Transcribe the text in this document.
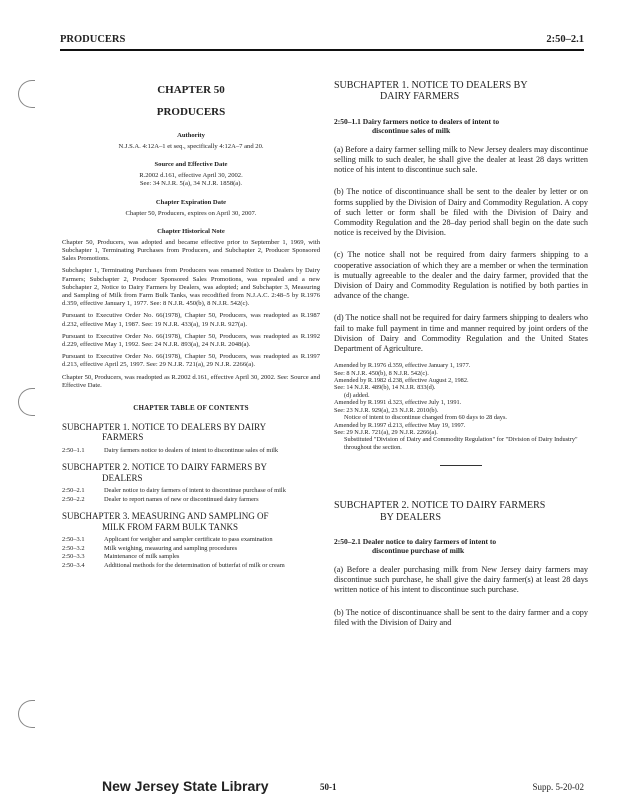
PRODUCERS	2:50–2.1
CHAPTER 50
PRODUCERS
Authority
N.J.S.A. 4:12A–1 et seq., specifically 4:12A–7 and 20.
Source and Effective Date
R.2002 d.161, effective April 30, 2002.
See: 34 N.J.R. 5(a), 34 N.J.R. 1858(a).
Chapter Expiration Date
Chapter 50, Producers, expires on April 30, 2007.
Chapter Historical Note

Chapter 50, Producers, was adopted and became effective prior to September 1, 1969, with Subchapter 1, Terminating Purchases from Producers, and Subchapter 2, Producer Sponsored Sales Promotions.

Subchapter 1, Terminating Purchases from Producers was renamed Notice to Dealers by Dairy Farmers; Subchapter 2, Producer Sponsored Sales Promotions, was repealed and a new Subchapter 2, Notice to Dairy Farmers by Dealers, was adopted; and Subchapter 3, Measuring and Sampling of Milk from Farm Bulk Tanks, was recodified from N.J.A.C. 2:48–5 by R.1976 d.359, effective January 1, 1977. See: 8 N.J.R. 450(b), 8 N.J.R. 542(c).

Pursuant to Executive Order No. 66(1978), Chapter 50, Producers, was readopted as R.1987 d.232, effective May 1, 1987. See: 19 N.J.R. 433(a), 19 N.J.R. 927(a).

Pursuant to Executive Order No. 66(1978), Chapter 50, Producers, was readopted as R.1992 d.229, effective May 1, 1992. See: 24 N.J.R. 893(a), 24 N.J.R. 2048(a).

Pursuant to Executive Order No. 66(1978), Chapter 50, Producers, was readopted as R.1997 d.213, effective April 25, 1997. See: 29 N.J.R. 721(a), 29 N.J.R. 2266(a).

Chapter 50, Producers, was readopted as R.2002 d.161, effective April 30, 2002. See: Source and Effective Date.

CHAPTER TABLE OF CONTENTS
SUBCHAPTER 1. NOTICE TO DEALERS BY DAIRY
FARMERS
2:50–1.1	Dairy farmers notice to dealers of intent to discontinue sales of milk
SUBCHAPTER 2. NOTICE TO DAIRY FARMERS BY
DEALERS
2:50–2.1	Dealer notice to dairy farmers of intent to discontinue purchase of milk
2:50–2.2	Dealer to report names of new or discontinued dairy farmers
SUBCHAPTER 3. MEASURING AND SAMPLING OF
MILK FROM FARM BULK TANKS
2:50–3.1	Applicant for weigher and sampler certificate to pass examination
2:50–3.2	Milk weighing, measuring and sampling procedures
2:50–3.3	Maintenance of milk samples
2:50–3.4	Additional methods for the determination of butterfat of milk or cream
SUBCHAPTER 1. NOTICE TO DEALERS BY
DAIRY FARMERS
2:50–1.1 Dairy farmers notice to dealers of intent to
discontinue sales of milk

(a) Before a dairy farmer selling milk to New Jersey dealers may discontinue selling milk to such dealer, he shall give the dealer at least 28 days written notice of his intent to discontinue such sale.

(b) The notice of discontinuance shall be sent to the dealer by letter or on forms supplied by the Division of Dairy and Commodity Regulation. A copy of such letter or form shall be filed with the Division of Dairy and Commodity Regulation and the 28–day period shall begin on the date such notice is received by the Division.

(c) The notice shall not be required from dairy farmers shipping to a cooperative association of which they are a member or when the termination is mutually agreeable to the dealer and the dairy farmer, provided that the Division of Dairy and Commodity Regulation is notified by both parties in advance of the change.

(d) The notice shall not be required for dairy farmers shipping to dealers who fail to make full payment in time and manner required by joint orders of the Division of Dairy and Commodity Regulation and the United States Department of Agriculture.

Amended by R.1976 d.359, effective January 1, 1977.
See: 8 N.J.R. 450(b), 8 N.J.R. 542(c).
Amended by R.1982 d.238, effective August 2, 1982.
See: 14 N.J.R. 489(b), 14 N.J.R. 833(d).
(d) added.
Amended by R.1991 d.323, effective July 1, 1991.
See: 23 N.J.R. 929(a), 23 N.J.R. 2010(b).
Notice of intent to discontinue changed from 60 days to 28 days.
Amended by R.1997 d.213, effective May 19, 1997.
See: 29 N.J.R. 721(a), 29 N.J.R. 2266(a).
Substituted "Division of Dairy and Commodity Regulation" for "Division of Dairy Industry" throughout the section.
SUBCHAPTER 2. NOTICE TO DAIRY FARMERS
BY DEALERS
2:50–2.1 Dealer notice to dairy farmers of intent to
discontinue purchase of milk

(a) Before a dealer purchasing milk from New Jersey dairy farmers may discontinue such purchase, he shall give the dairy farmer(s) at least 28 days written notice of his intent to discontinue such purchase.

(b) The notice of discontinuance shall be sent to the dairy farmer and a copy filed with the Division of Dairy and

New Jersey State Library	50-1	Supp. 5-20-02
